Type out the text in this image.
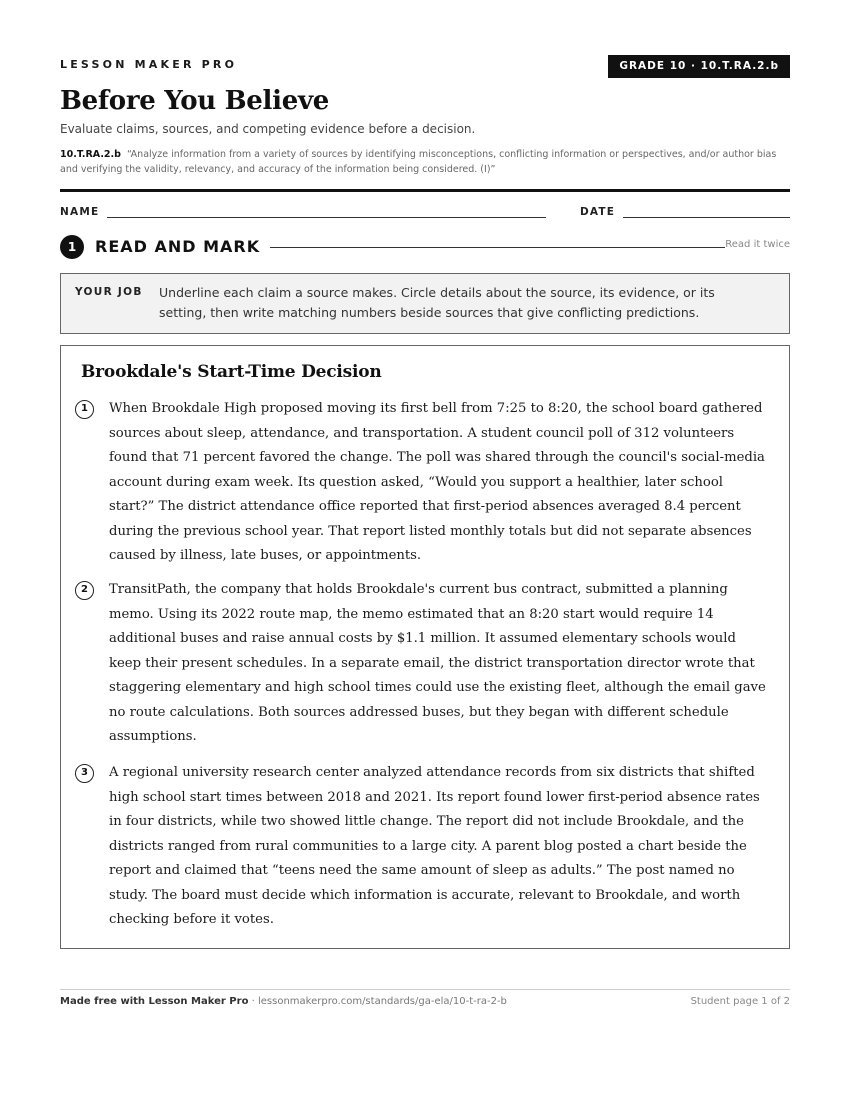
LESSON MAKER PRO	GRADE 10 · 10.T.RA.2.b
Before You Believe
Evaluate claims, sources, and competing evidence before a decision.
10.T.RA.2.b “Analyze information from a variety of sources by identifying misconceptions, conflicting information or perspectives, and/or author bias and verifying the validity, relevancy, and accuracy of the information being considered. (I)”
NAME	DATE
1	READ AND MARK	Read it twice
YOUR JOB Underline each claim a source makes. Circle details about the source, its evidence, or its setting, then write matching numbers beside sources that give conflicting predictions.
Brookdale's Start-Time Decision
1	When Brookdale High proposed moving its first bell from 7:25 to 8:20, the school board gathered sources about sleep, attendance, and transportation. A student council poll of 312 volunteers found that 71 percent favored the change. The poll was shared through the council's social-media account during exam week. Its question asked, “Would you support a healthier, later school start?” The district attendance office reported that first-period absences averaged 8.4 percent during the previous school year. That report listed monthly totals but did not separate absences caused by illness, late buses, or appointments.

2	TransitPath, the company that holds Brookdale's current bus contract, submitted a planning memo. Using its 2022 route map, the memo estimated that an 8:20 start would require 14 additional buses and raise annual costs by $1.1 million. It assumed elementary schools would keep their present schedules. In a separate email, the district transportation director wrote that staggering elementary and high school times could use the existing fleet, although the email gave no route calculations. Both sources addressed buses, but they began with different schedule assumptions.

3	A regional university research center analyzed attendance records from six districts that shifted high school start times between 2018 and 2021. Its report found lower first-period absence rates in four districts, while two showed little change. The report did not include Brookdale, and the districts ranged from rural communities to a large city. A parent blog posted a chart beside the report and claimed that “teens need the same amount of sleep as adults.” The post named no study. The board must decide which information is accurate, relevant to Brookdale, and worth checking before it votes.

Made free with Lesson Maker Pro · lessonmakerpro.com/standards/ga-ela/10-t-ra-2-b	Student page 1 of 2
